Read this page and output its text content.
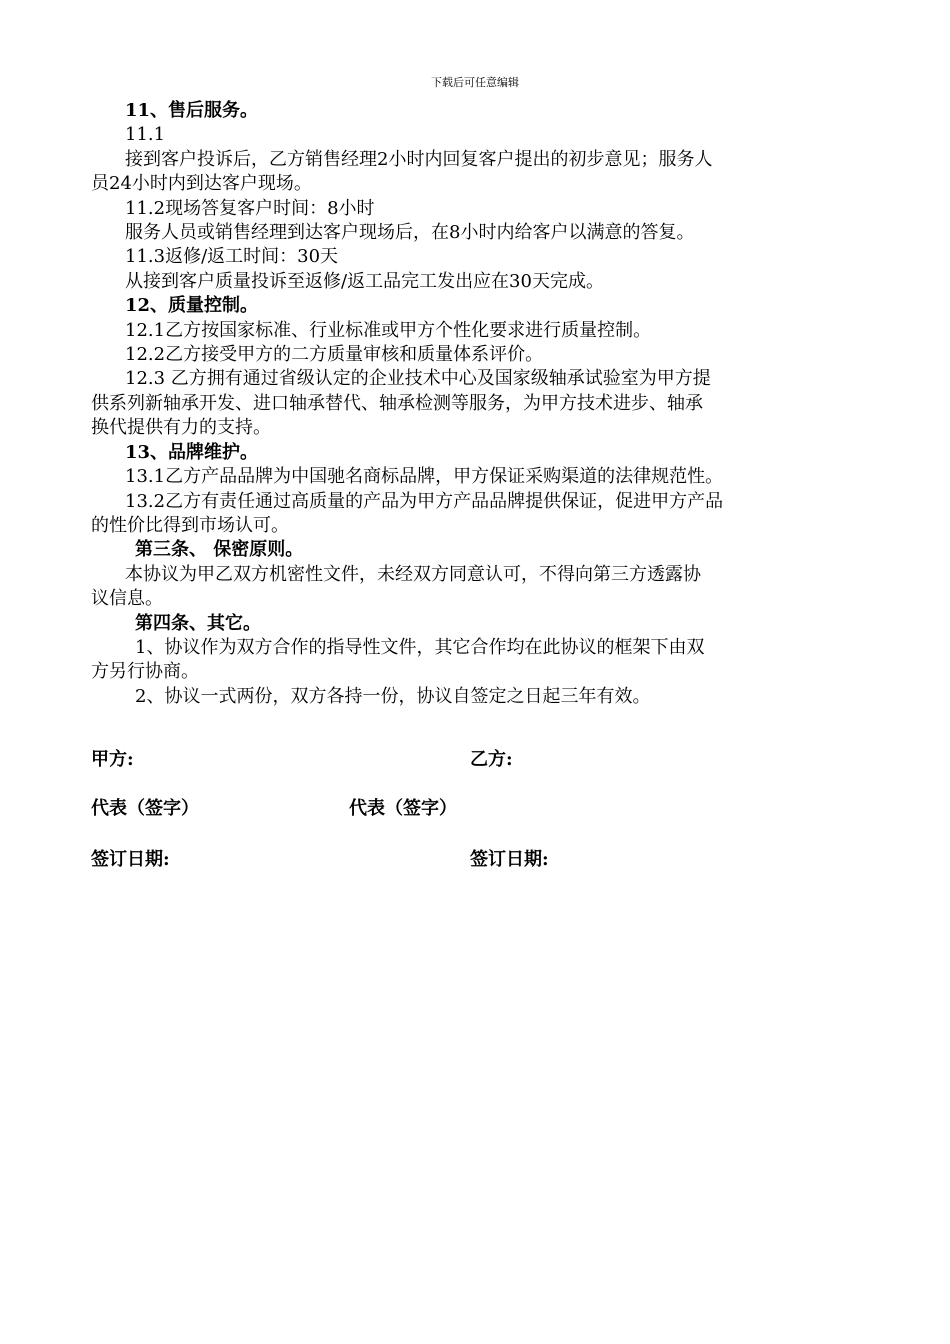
下载后可任意编辑

11、售后服务。

11.1

接到客户投诉后，乙方销售经理2小时内回复客户提出的初步意见；服务人

员24小时内到达客户现场。

11.2现场答复客户时间：8小时

服务人员或销售经理到达客户现场后，在8小时内给客户以满意的答复。

11.3返修/返工时间：30天

从接到客户质量投诉至返修/返工品完工发出应在30天完成。

12、质量控制。

12.1乙方按国家标准、行业标准或甲方个性化要求进行质量控制。

12.2乙方接受甲方的二方质量审核和质量体系评价。

12.3 乙方拥有通过省级认定的企业技术中心及国家级轴承试验室为甲方提

供系列新轴承开发、进口轴承替代、轴承检测等服务，为甲方技术进步、轴承

换代提供有力的支持。

13、品牌维护。

13.1乙方产品品牌为中国驰名商标品牌，甲方保证采购渠道的法律规范性。

13.2乙方有责任通过高质量的产品为甲方产品品牌提供保证，促进甲方产品

的性价比得到市场认可。

第三条、 保密原则。

本协议为甲乙双方机密性文件，未经双方同意认可，不得向第三方透露协

议信息。

第四条、其它。

1、协议作为双方合作的指导性文件，其它合作均在此协议的框架下由双

方另行协商。

2、协议一式两份，双方各持一份，协议自签定之日起三年有效。

甲方:	乙方:
代表（签字）	代表（签字）
签订日期:	签订日期:
